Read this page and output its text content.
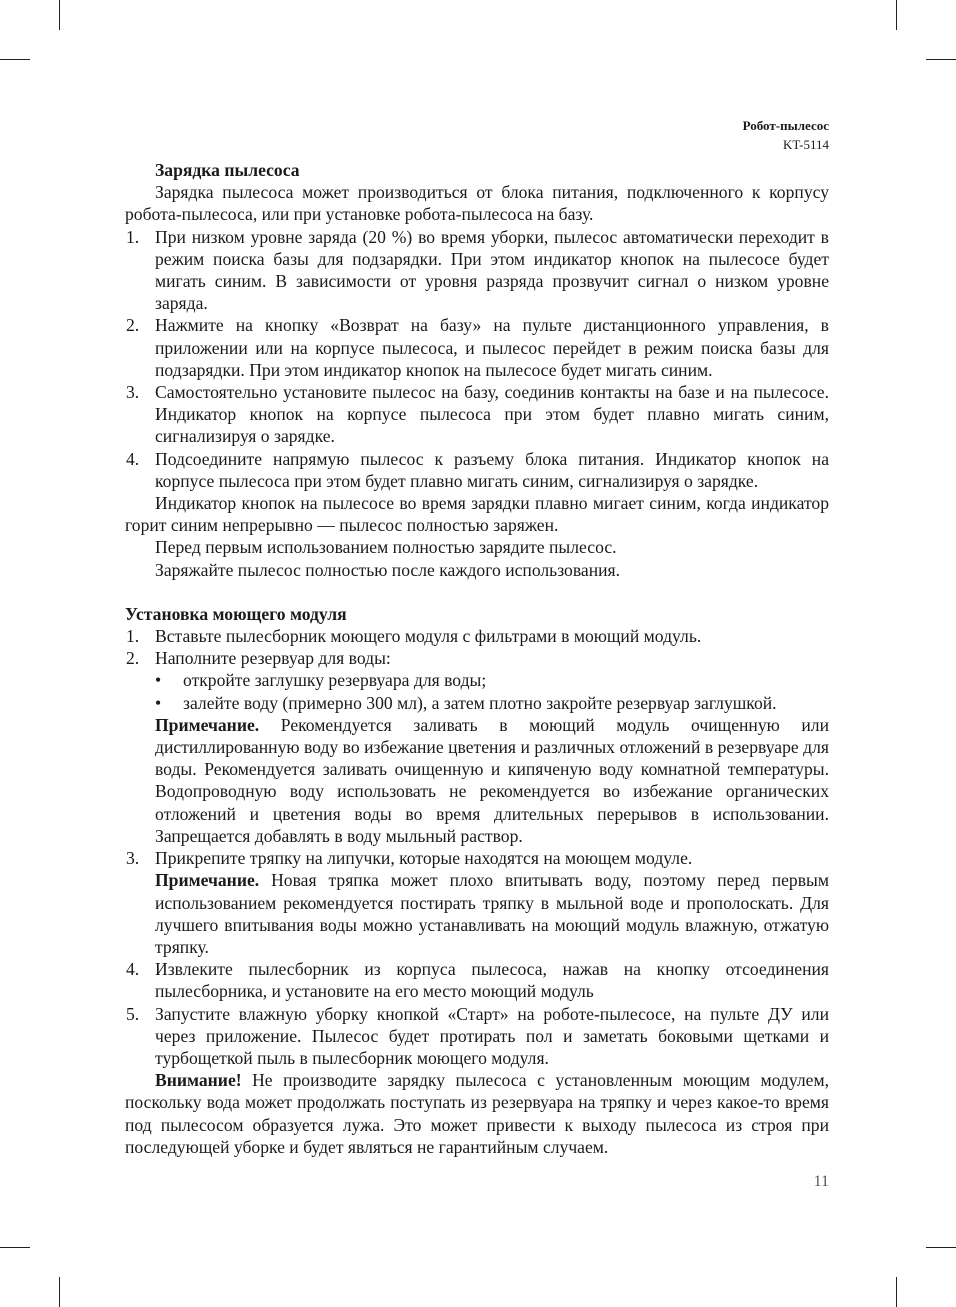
Робот-пылесос
KT-5114

Зарядка пылесоса

Зарядка пылесоса может производиться от блока питания, подключенного к корпусу робота-пылесоса, или при установке робота-пылесоса на базу.

1. При низком уровне заряда (20 %) во время уборки, пылесос автоматически переходит в режим поиска базы для подзарядки. При этом индикатор кнопок на пылесосе будет мигать синим. В зависимости от уровня разряда прозвучит сигнал о низком уровне заряда.

2. Нажмите на кнопку «Возврат на базу» на пульте дистанционного управления, в приложении или на корпусе пылесоса, и пылесос перейдет в режим поиска базы для подзарядки. При этом индикатор кнопок на пылесосе будет мигать синим.

3. Самостоятельно установите пылесос на базу, соединив контакты на базе и на пылесосе. Индикатор кнопок на корпусе пылесоса при этом будет плавно мигать синим, сигнализируя о зарядке.

4. Подсоедините напрямую пылесос к разъему блока питания. Индикатор кнопок на корпусе пылесоса при этом будет плавно мигать синим, сигнализируя о зарядке.

Индикатор кнопок на пылесосе во время зарядки плавно мигает синим, когда индикатор горит синим непрерывно — пылесос полностью заряжен.

Перед первым использованием полностью зарядите пылесос.

Заряжайте пылесос полностью после каждого использования.

Установка моющего модуля

1. Вставьте пылесборник моющего модуля с фильтрами в моющий модуль.

2. Наполните резервуар для воды:

• откройте заглушку резервуара для воды;

• залейте воду (примерно 300 мл), а затем плотно закройте резервуар заглушкой.

Примечание. Рекомендуется заливать в моющий модуль очищенную или дистиллированную воду во избежание цветения и различных отложений в резервуаре для воды. Рекомендуется заливать очищенную и кипяченую воду комнатной температуры. Водопроводную воду использовать не рекомендуется во избежание органических отложений и цветения воды во время длительных перерывов в использовании. Запрещается добавлять в воду мыльный раствор.

3. Прикрепите тряпку на липучки, которые находятся на моющем модуле.

Примечание. Новая тряпка может плохо впитывать воду, поэтому перед первым использованием рекомендуется постирать тряпку в мыльной воде и прополоскать. Для лучшего впитывания воды можно устанавливать на моющий модуль влажную, отжатую тряпку.

4. Извлеките пылесборник из корпуса пылесоса, нажав на кнопку отсоединения пылесборника, и установите на его место моющий модуль

5. Запустите влажную уборку кнопкой «Старт» на роботе-пылесосе, на пульте ДУ или через приложение. Пылесос будет протирать пол и заметать боковыми щетками и турбощеткой пыль в пылесборник моющего модуля.

Внимание! Не производите зарядку пылесоса с установленным моющим модулем, поскольку вода может продолжать поступать из резервуара на тряпку и через какое-то время под пылесосом образуется лужа. Это может привести к выходу пылесоса из строя при последующей уборке и будет являться не гарантийным случаем.

11
